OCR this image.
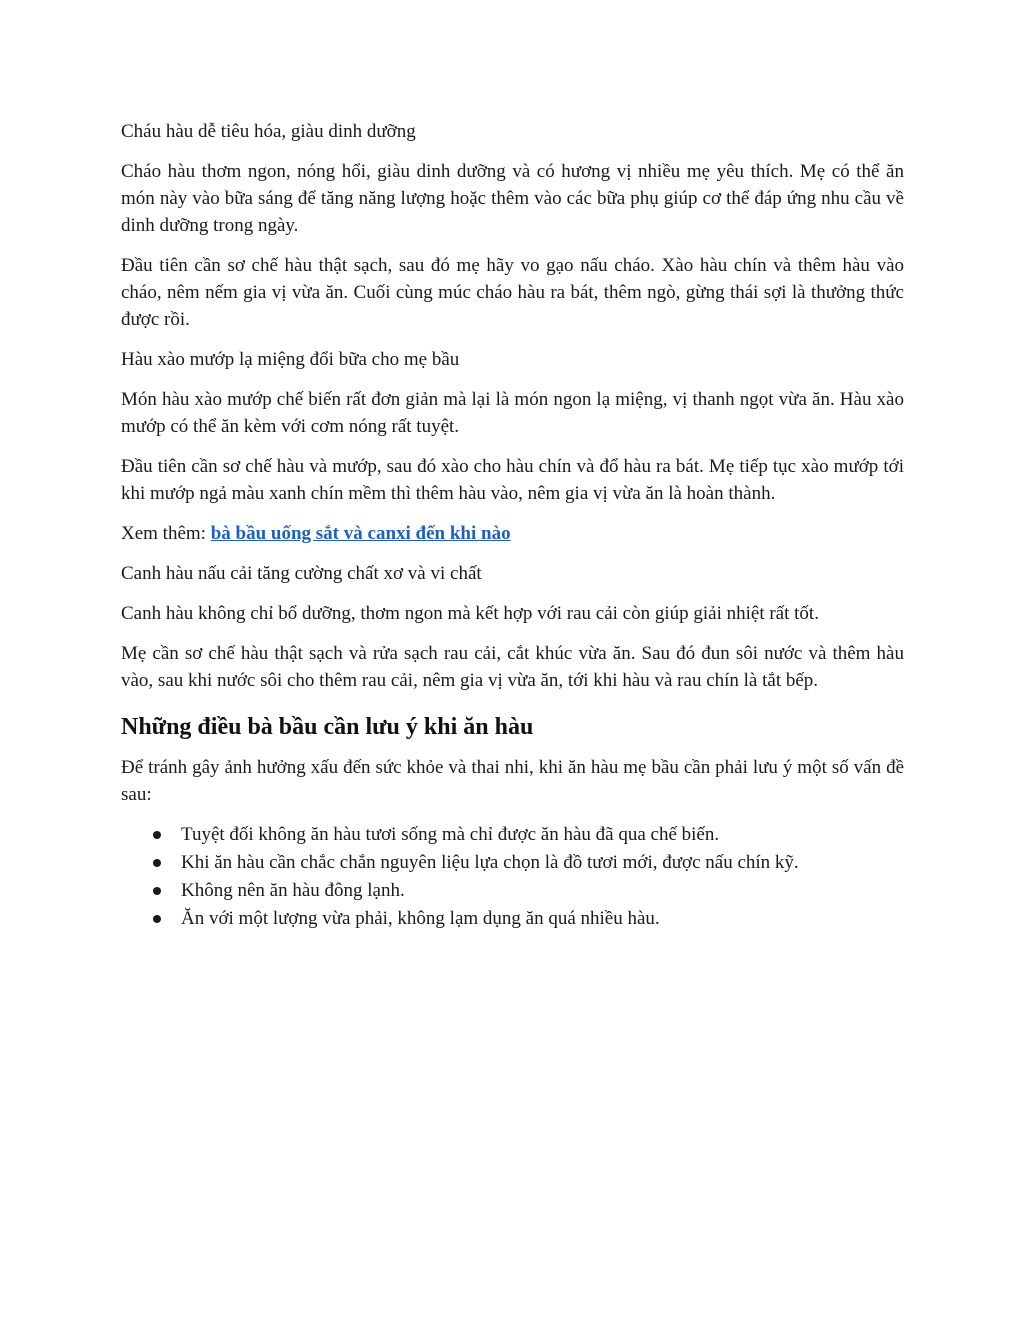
Cháu hàu dễ tiêu hóa, giàu dinh dưỡng

Cháo hàu thơm ngon, nóng hổi, giàu dinh dưỡng và có hương vị nhiều mẹ yêu thích. Mẹ có thể ăn món này vào bữa sáng để tăng năng lượng hoặc thêm vào các bữa phụ giúp cơ thể đáp ứng nhu cầu về dinh dưỡng trong ngày.

Đầu tiên cần sơ chế hàu thật sạch, sau đó mẹ hãy vo gạo nấu cháo. Xào hàu chín và thêm hàu vào cháo, nêm nếm gia vị vừa ăn. Cuối cùng múc cháo hàu ra bát, thêm ngò, gừng thái sợi là thưởng thức được rồi.

Hàu xào mướp lạ miệng đổi bữa cho mẹ bầu

Món hàu xào mướp chế biến rất đơn giản mà lại là món ngon lạ miệng, vị thanh ngọt vừa ăn. Hàu xào mướp có thể ăn kèm với cơm nóng rất tuyệt.

Đầu tiên cần sơ chế hàu và mướp, sau đó xào cho hàu chín và đổ hàu ra bát. Mẹ tiếp tục xào mướp tới khi mướp ngả màu xanh chín mềm thì thêm hàu vào, nêm gia vị vừa ăn là hoàn thành.

Xem thêm: bà bầu uống sắt và canxi đến khi nào

Canh hàu nấu cải tăng cường chất xơ và vi chất

Canh hàu không chỉ bổ dưỡng, thơm ngon mà kết hợp với rau cải còn giúp giải nhiệt rất tốt.

Mẹ cần sơ chế hàu thật sạch và rửa sạch rau cải, cắt khúc vừa ăn. Sau đó đun sôi nước và thêm hàu vào, sau khi nước sôi cho thêm rau cải, nêm gia vị vừa ăn, tới khi hàu và rau chín là tắt bếp.

Những điều bà bầu cần lưu ý khi ăn hàu

Để tránh gây ảnh hưởng xấu đến sức khỏe và thai nhi, khi ăn hàu mẹ bầu cần phải lưu ý một số vấn đề sau:

Tuyệt đối không ăn hàu tươi sống mà chỉ được ăn hàu đã qua chế biến.
Khi ăn hàu cần chắc chắn nguyên liệu lựa chọn là đồ tươi mới, được nấu chín kỹ.
Không nên ăn hàu đông lạnh.
Ăn với một lượng vừa phải, không lạm dụng ăn quá nhiều hàu.
